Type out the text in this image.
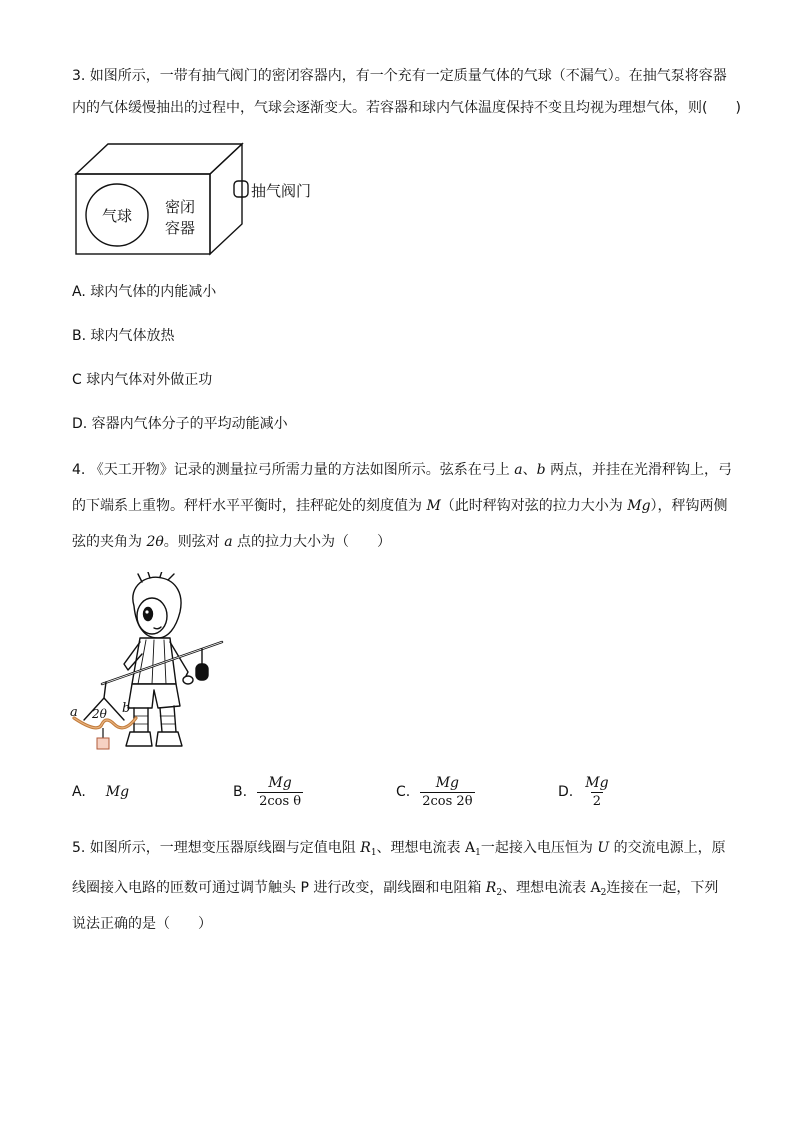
3. 如图所示，一带有抽气阀门的密闭容器内，有一个充有一定质量气体的气球（不漏气）。在抽气泵将容器
内的气体缓慢抽出的过程中，气球会逐渐变大。若容器和球内气体温度保持不变且均视为理想气体，则(　　)
气球 密闭
容器
抽气阀门
A. 球内气体的内能减小
B. 球内气体放热
C 球内气体对外做正功
D. 容器内气体分子的平均动能减小
4. 《天工开物》记录的测量拉弓所需力量的方法如图所示。弦系在弓上 a、b 两点，并挂在光滑秤钩上，弓
的下端系上重物。秤杆水平平衡时，挂秤砣处的刻度值为 M（此时秤钩对弦的拉力大小为 Mg），秤钩两侧
弦的夹角为 2θ。则弦对 a 点的拉力大小为（　　）
a	b
2θ
A. Mg	B. $\frac{Mg}{\text{2cos θ}}$	C. $\frac{Mg}{2\cos 2\theta}$	D. $\frac{Mg}{2}$
5. 如图所示，一理想变压器原线圈与定值电阻 $R_1$、理想电流表 $A_1$一起接入电压恒为 U 的交流电源上，原
线圈接入电路的匝数可通过调节触头 P 进行改变，副线圈和电阻箱 $R_2$、理想电流表 $A_2$连接在一起，下列
说法正确的是（　　）
